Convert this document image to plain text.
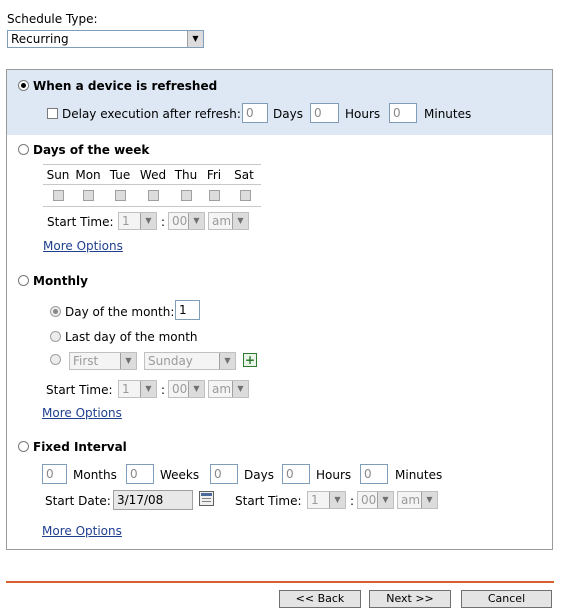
Schedule Type:
Recurring	▼
When a device is refreshed
Delay execution after refresh: 0	Days 0	Hours	0	Minutes
Days of the week
Sun Mon Tue Wed Thu Fri	Sat
Start Time: 1	▼ : 00 ▼	am ▼
More Options
Monthly
Day of the month: 1
Last day of the month
First	▼	Sunday	▼	+
Start Time: 1	▼ : 00 ▼	am ▼
More Options
Fixed Interval
0	Months	0	Weeks	0	Days	0	Hours	0	Minutes
Start Date: 3/17/08	Start Time: 1	▼ : 00 ▼	am ▼
More Options
<< Back	Next >>	Cancel
